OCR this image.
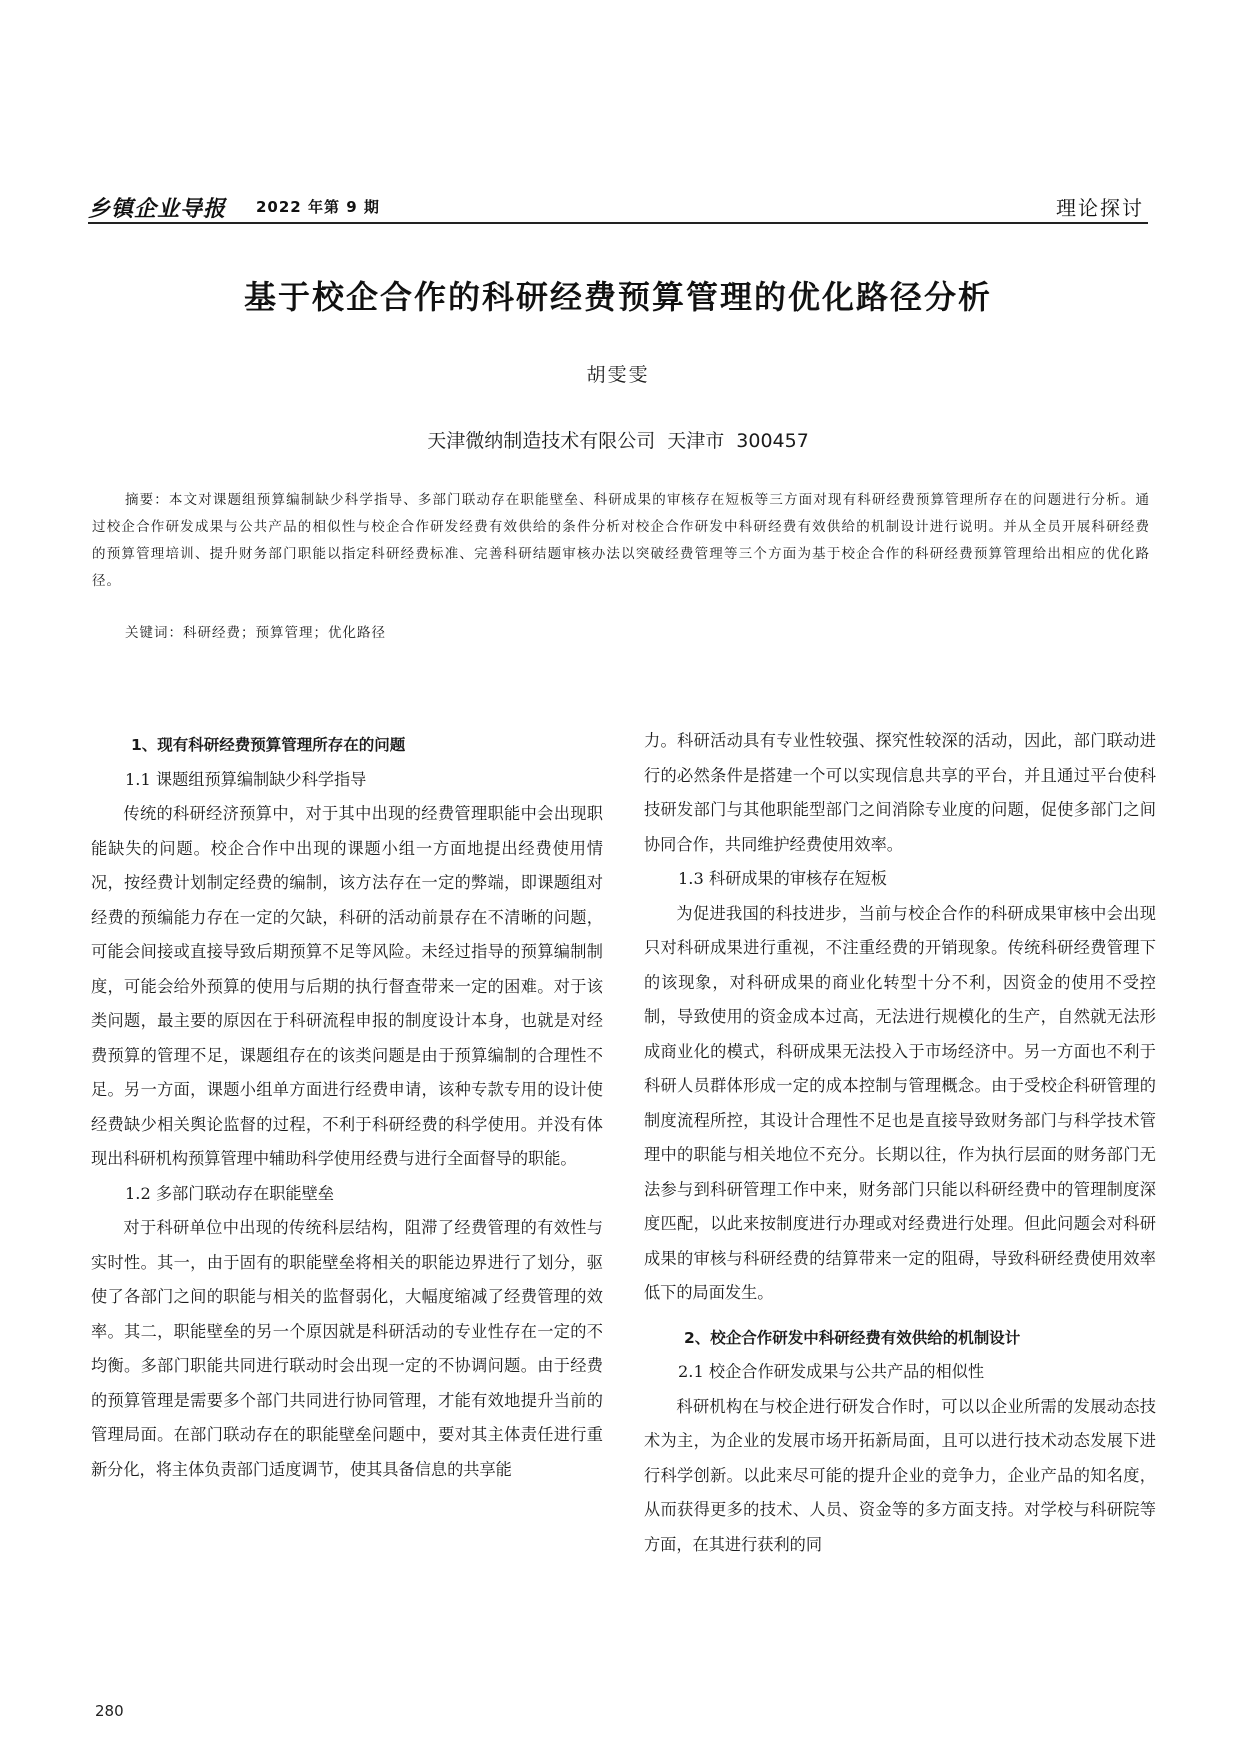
乡镇企业导报 2022 年第 9 期	理论探讨
基于校企合作的科研经费预算管理的优化路径分析
胡雯雯
天津微纳制造技术有限公司 天津市 300457
摘要：本文对课题组预算编制缺少科学指导、多部门联动存在职能壁垒、科研成果的审核存在短板等三方面对现有科研经费预算管理所存在的问题进行分析。通过校企合作研发成果与公共产品的相似性与校企合作研发经费有效供给的条件分析对校企合作研发中科研经费有效供给的机制设计进行说明。并从全员开展科研经费的预算管理培训、提升财务部门职能以指定科研经费标准、完善科研结题审核办法以突破经费管理等三个方面为基于校企合作的科研经费预算管理给出相应的优化路径。
关键词：科研经费；预算管理；优化路径
1、现有科研经费预算管理所存在的问题
1.1 课题组预算编制缺少科学指导

传统的科研经济预算中，对于其中出现的经费管理职能中会出现职能缺失的问题。校企合作中出现的课题小组一方面地提出经费使用情况，按经费计划制定经费的编制，该方法存在一定的弊端，即课题组对经费的预编能力存在一定的欠缺，科研的活动前景存在不清晰的问题，可能会间接或直接导致后期预算不足等风险。未经过指导的预算编制制度，可能会给外预算的使用与后期的执行督查带来一定的困难。对于该类问题，最主要的原因在于科研流程申报的制度设计本身，也就是对经费预算的管理不足，课题组存在的该类问题是由于预算编制的合理性不足。另一方面，课题小组单方面进行经费申请，该种专款专用的设计使经费缺少相关舆论监督的过程，不利于科研经费的科学使用。并没有体现出科研机构预算管理中辅助科学使用经费与进行全面督导的职能。

1.2 多部门联动存在职能壁垒

对于科研单位中出现的传统科层结构，阻滞了经费管理的有效性与实时性。其一，由于固有的职能壁垒将相关的职能边界进行了划分，驱使了各部门之间的职能与相关的监督弱化，大幅度缩减了经费管理的效率。其二，职能壁垒的另一个原因就是科研活动的专业性存在一定的不均衡。多部门职能共同进行联动时会出现一定的不协调问题。由于经费的预算管理是需要多个部门共同进行协同管理，才能有效地提升当前的管理局面。在部门联动存在的职能壁垒问题中，要对其主体责任进行重新分化，将主体负责部门适度调节，使其具备信息的共享能

力。科研活动具有专业性较强、探究性较深的活动，因此，部门联动进行的必然条件是搭建一个可以实现信息共享的平台，并且通过平台使科技研发部门与其他职能型部门之间消除专业度的问题，促使多部门之间协同合作，共同维护经费使用效率。

1.3 科研成果的审核存在短板

为促进我国的科技进步，当前与校企合作的科研成果审核中会出现只对科研成果进行重视，不注重经费的开销现象。传统科研经费管理下的该现象，对科研成果的商业化转型十分不利，因资金的使用不受控制，导致使用的资金成本过高，无法进行规模化的生产，自然就无法形成商业化的模式，科研成果无法投入于市场经济中。另一方面也不利于科研人员群体形成一定的成本控制与管理概念。由于受校企科研管理的制度流程所控，其设计合理性不足也是直接导致财务部门与科学技术管理中的职能与相关地位不充分。长期以往，作为执行层面的财务部门无法参与到科研管理工作中来，财务部门只能以科研经费中的管理制度深度匹配，以此来按制度进行办理或对经费进行处理。但此问题会对科研成果的审核与科研经费的结算带来一定的阻碍，导致科研经费使用效率低下的局面发生。

2、校企合作研发中科研经费有效供给的机制设计
2.1 校企合作研发成果与公共产品的相似性

科研机构在与校企进行研发合作时，可以以企业所需的发展动态技术为主，为企业的发展市场开拓新局面，且可以进行技术动态发展下进行科学创新。以此来尽可能的提升企业的竞争力，企业产品的知名度，从而获得更多的技术、人员、资金等的多方面支持。对学校与科研院等方面，在其进行获利的同

280
